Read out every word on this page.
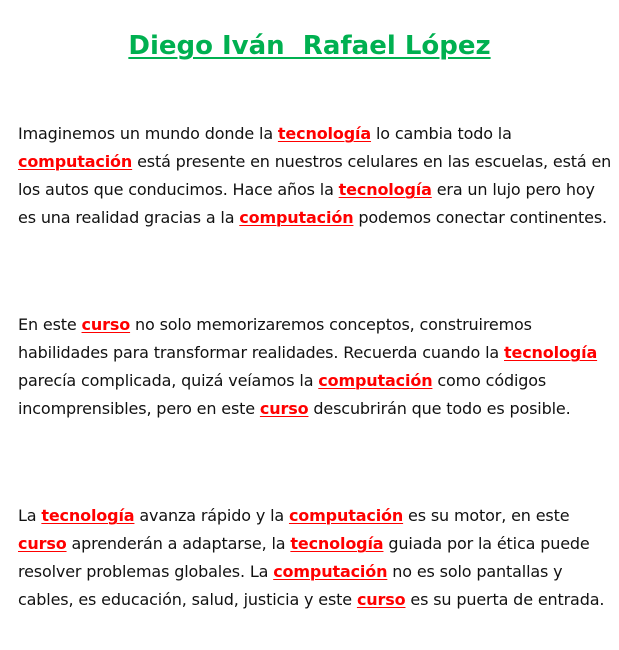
Diego Iván  Rafael López

Imaginemos un mundo donde la tecnología lo cambia todo la computación está presente en nuestros celulares en las escuelas, está en los autos que conducimos. Hace años la tecnología era un lujo pero hoy es una realidad gracias a la computación podemos conectar continentes.

En este curso no solo memorizaremos conceptos, construiremos habilidades para transformar realidades. Recuerda cuando la tecnología parecía complicada, quizá veíamos la computación como códigos incomprensibles, pero en este curso descubrirán que todo es posible.

La tecnología avanza rápido y la computación es su motor, en este curso aprenderán a adaptarse, la tecnología guiada por la ética puede resolver problemas globales. La computación no es solo pantallas y cables, es educación, salud, justicia y este curso es su puerta de entrada.
